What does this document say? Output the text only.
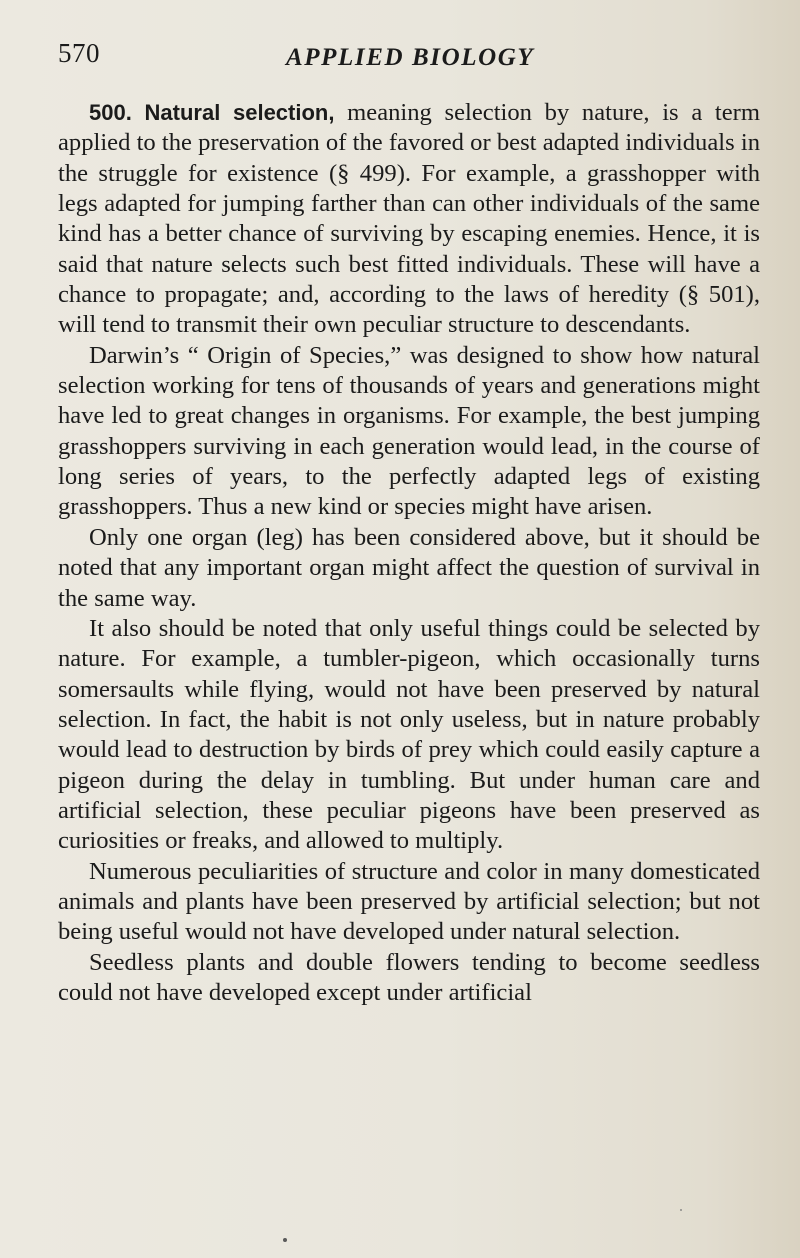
570	APPLIED BIOLOGY

500. Natural selection, meaning selection by nature, is a term applied to the preservation of the favored or best adapted individuals in the struggle for existence (§ 499). For example, a grasshopper with legs adapted for jumping farther than can other individuals of the same kind has a better chance of surviving by escaping enemies. Hence, it is said that nature selects such best fitted individuals. These will have a chance to propagate; and, according to the laws of heredity (§ 501), will tend to transmit their own peculiar structure to descendants.

Darwin’s “ Origin of Species,” was designed to show how natural selection working for tens of thousands of years and generations might have led to great changes in organisms. For example, the best jumping grasshoppers surviving in each generation would lead, in the course of long series of years, to the perfectly adapted legs of existing grasshoppers. Thus a new kind or species might have arisen.

Only one organ (leg) has been considered above, but it should be noted that any important organ might affect the question of survival in the same way.

It also should be noted that only useful things could be selected by nature. For example, a tumbler-pigeon, which occasionally turns somersaults while flying, would not have been preserved by natural selection. In fact, the habit is not only useless, but in nature probably would lead to destruction by birds of prey which could easily capture a pigeon during the delay in tumbling. But under human care and artificial selection, these peculiar pigeons have been preserved as curiosities or freaks, and allowed to multiply.

Numerous peculiarities of structure and color in many domesticated animals and plants have been preserved by artificial selection; but not being useful would not have developed under natural selection.

Seedless plants and double flowers tending to become seedless could not have developed except under artificial
